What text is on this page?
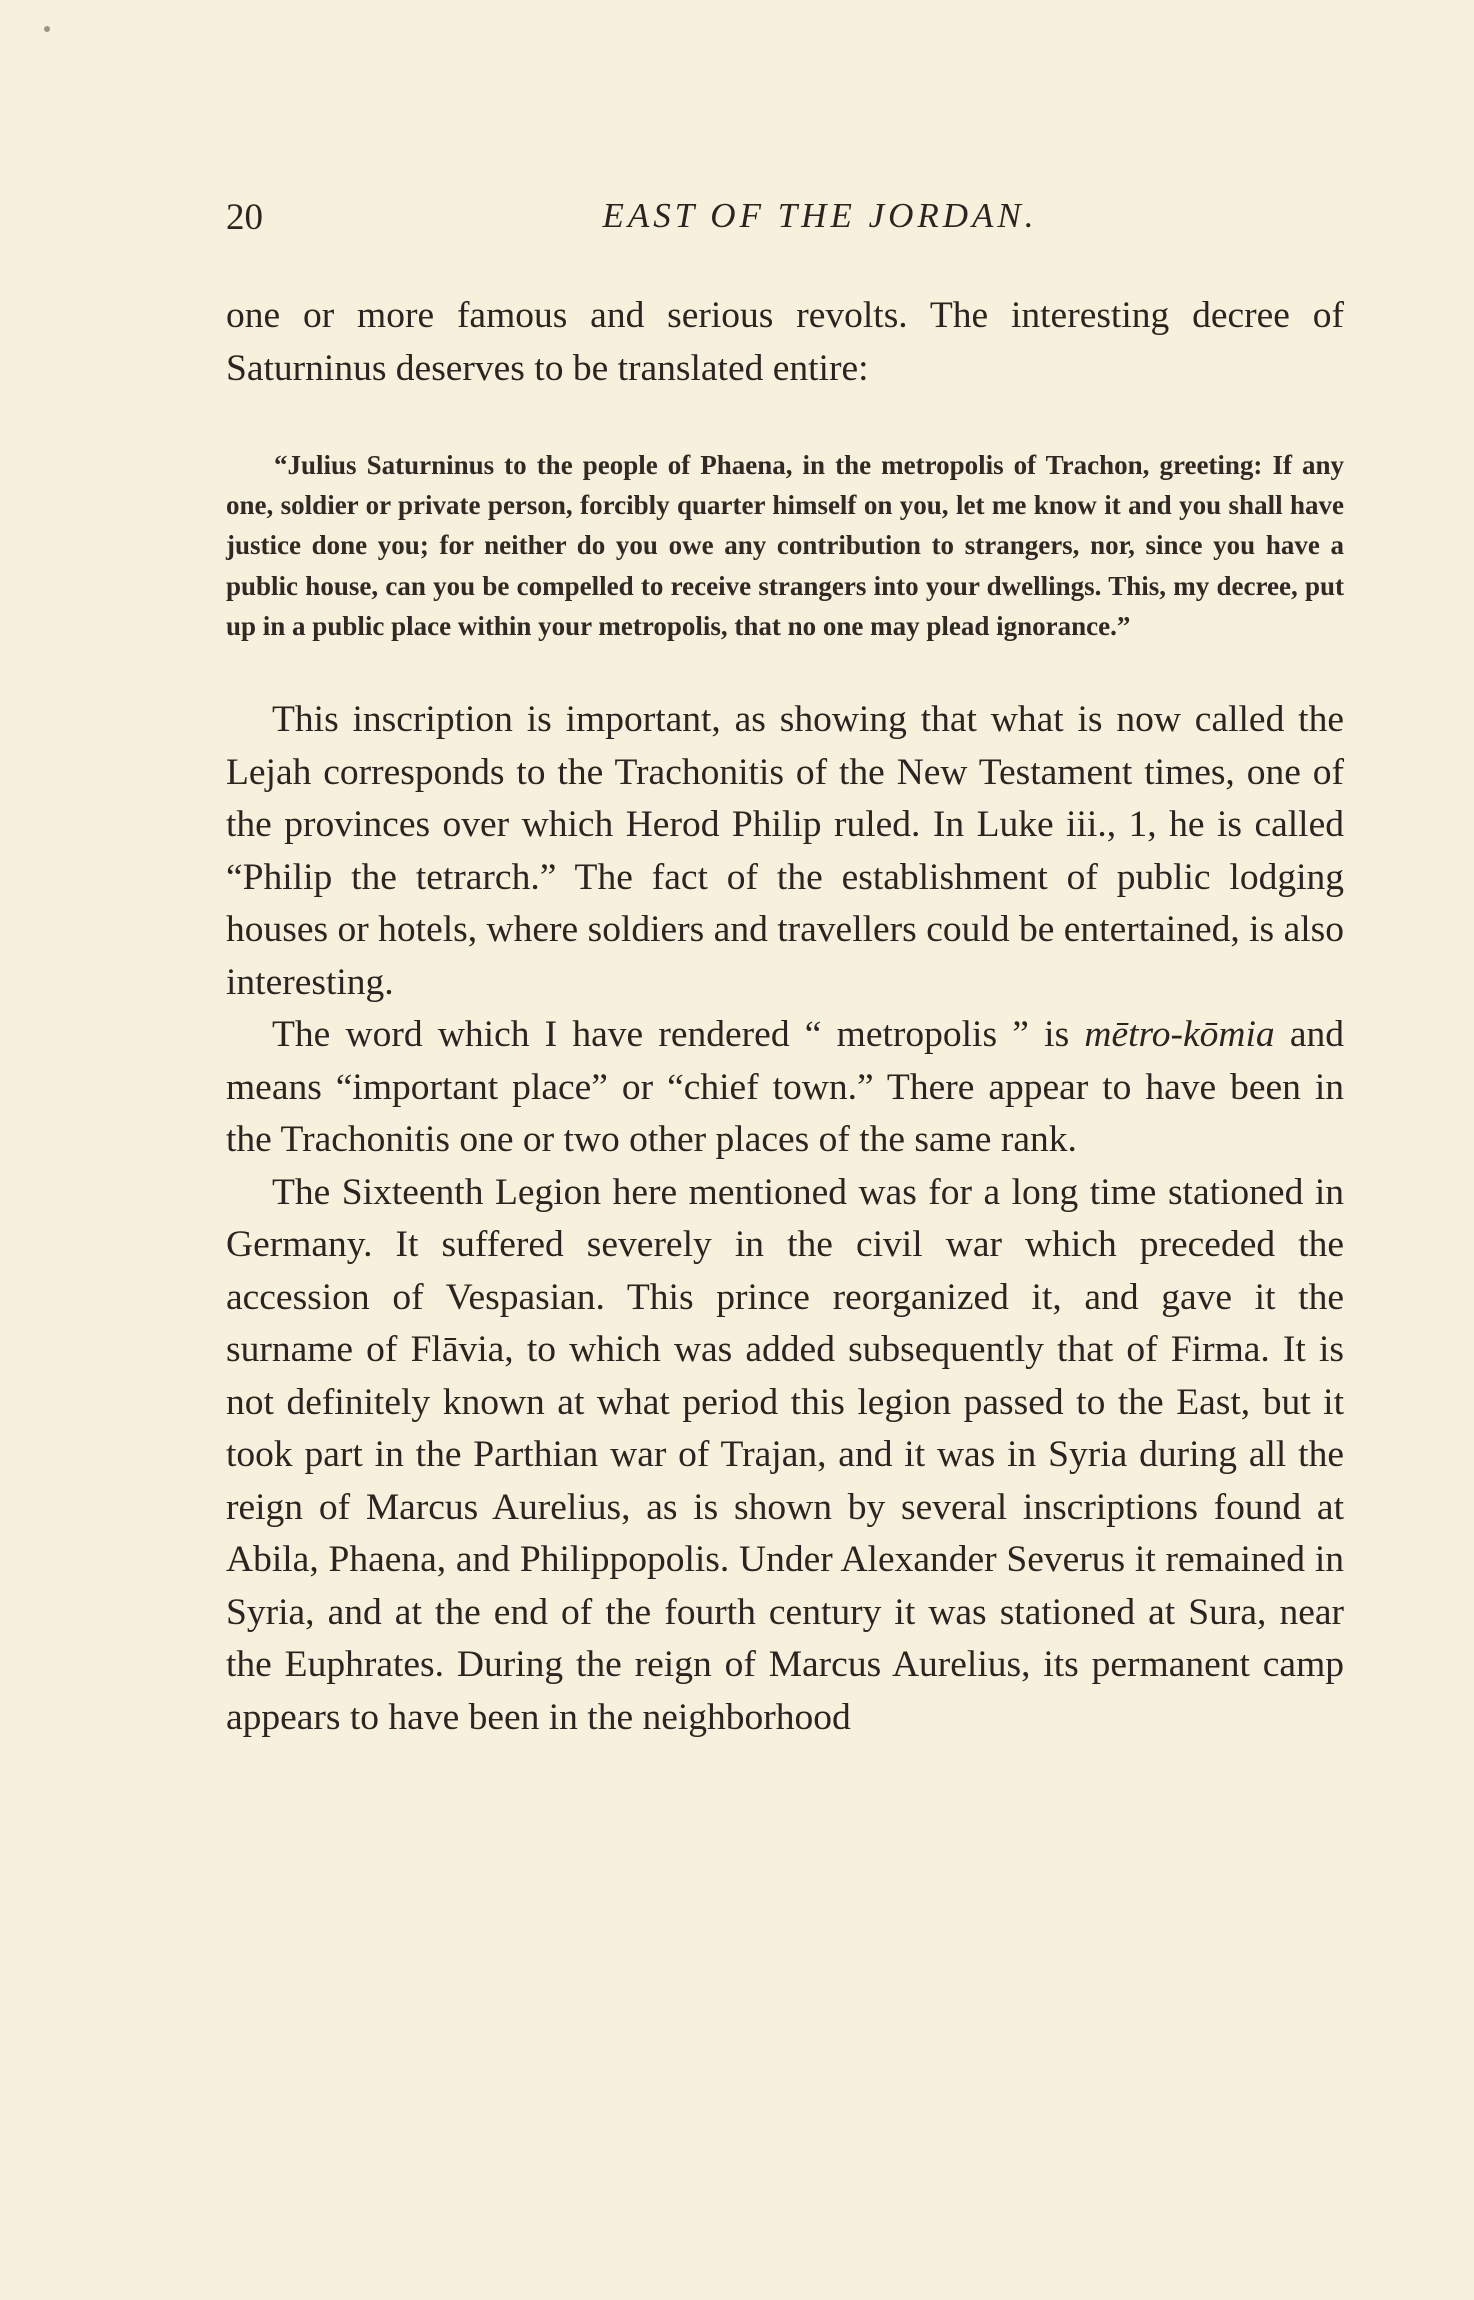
20	EAST OF THE JORDAN.

one or more famous and serious revolts. The interesting decree of Saturninus deserves to be translated entire:

“Julius Saturninus to the people of Phaena, in the metropolis of Trachon, greeting: If any one, soldier or private person, forcibly quarter himself on you, let me know it and you shall have justice done you; for neither do you owe any contribution to strangers, nor, since you have a public house, can you be compelled to receive strangers into your dwellings. This, my decree, put up in a public place within your metropolis, that no one may plead ignorance.”

This inscription is important, as showing that what is now called the Lejah corresponds to the Trachonitis of the New Testament times, one of the provinces over which Herod Philip ruled. In Luke iii., 1, he is called “Philip the tetrarch.” The fact of the establishment of public lodging houses or hotels, where soldiers and travellers could be entertained, is also interesting.

The word which I have rendered “ metropolis ” is mētro-kōmia and means “important place” or “chief town.” There appear to have been in the Trachonitis one or two other places of the same rank.

The Sixteenth Legion here mentioned was for a long time stationed in Germany. It suffered severely in the civil war which preceded the accession of Vespasian. This prince reorganized it, and gave it the surname of Flāvia, to which was added subsequently that of Firma. It is not definitely known at what period this legion passed to the East, but it took part in the Parthian war of Trajan, and it was in Syria during all the reign of Marcus Aurelius, as is shown by several inscriptions found at Abila, Phaena, and Philippopolis. Under Alexander Severus it remained in Syria, and at the end of the fourth century it was stationed at Sura, near the Euphrates. During the reign of Marcus Aurelius, its permanent camp appears to have been in the neighborhood
